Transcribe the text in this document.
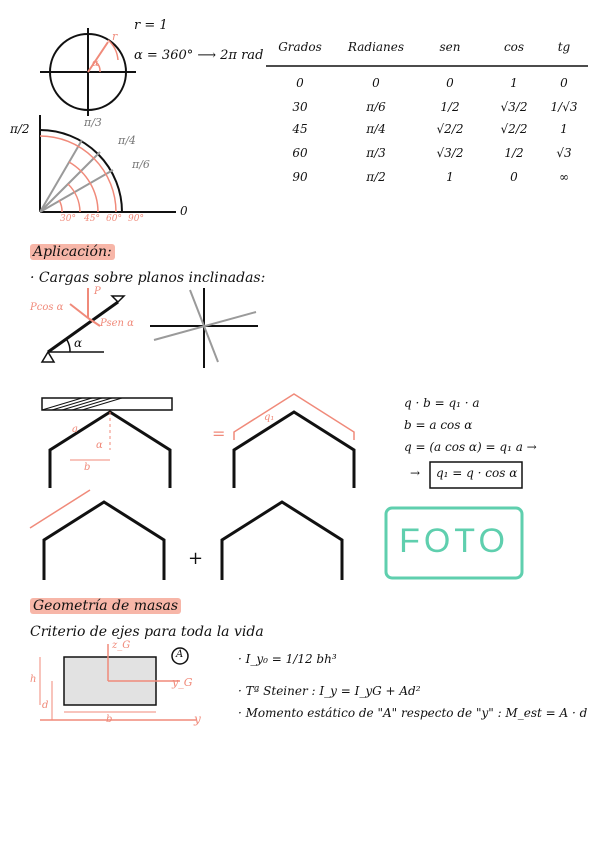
r = 1
α = 360° ⟶ 2π rad
r
α
π/2	π/3
π/4
π/6
0
30° 45° 60° 90°
Grados	Radianes	sen	cos	tg
0	0	0	1	0
30	π/6	1/2	√3/2	1/√3
45	π/4	√2/2	√2/2	1
60	π/3	√3/2	1/2	√3
90	π/2	1	0	∞
Aplicación:
· Cargas sobre planos inclinadas:
Pcos α
P
Psen α
α
a
b
α
q₁
=
+
q · b = q₁ · a
b = a cos α
q = (a cos α) = q₁ a →
→ q₁ = q · cos α
FOTO
Geometría de masas
Criterio de ejes para toda la vida
z_G
y_G
y
A
h
d
b
· I_y₀ = 1/12 bh³
· Tª Steiner : I_y = I_yG + Ad²
· Momento estático de "A" respecto de "y" : M_est = A · d
